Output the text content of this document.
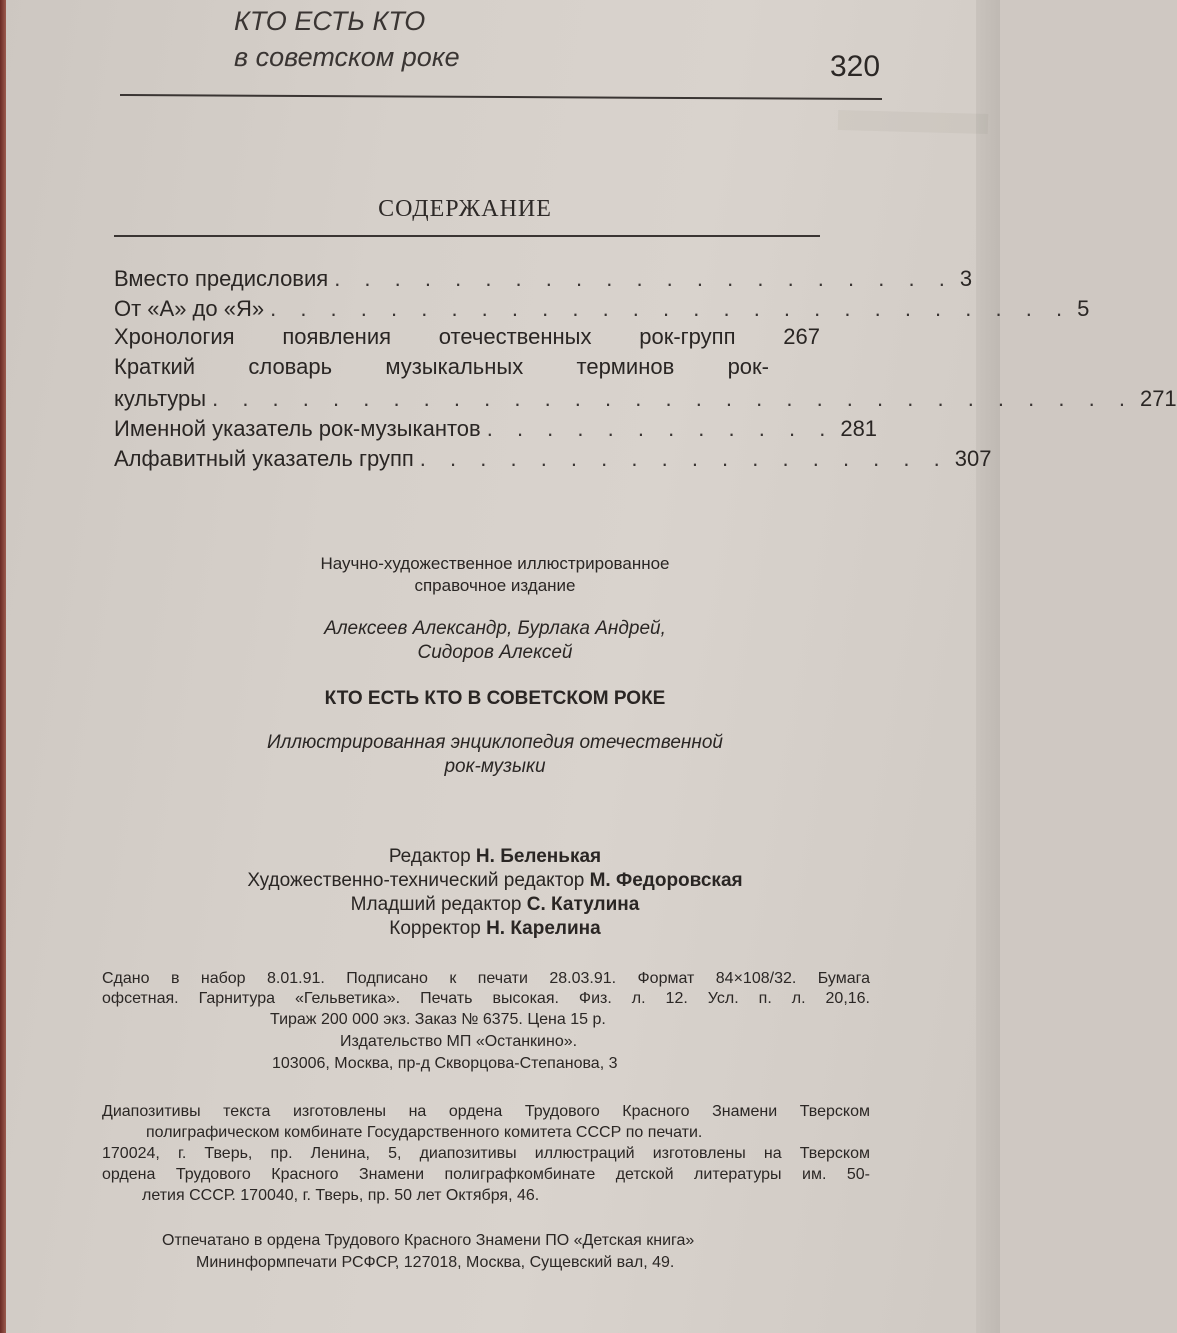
КТО ЕСТЬ КТО
в советском роке	320
СОДЕРЖАНИЕ
Вместо предисловия . . . . . . . . . . . . . . . . . . . . . 3
От «А» до «Я» . . . . . . . . . . . . . . . . . . . . . . . . . . . 5
Хронология появления отечественных рок-групп 267
Краткий словарь музыкальных терминов рок-
культуры . . . . . . . . . . . . . . . . . . . . . . . . . . . . . . . 271
Именной указатель рок-музыкантов . . . . . . . . . . . . 281
Алфавитный указатель групп . . . . . . . . . . . . . . . . . . 307
Научно-художественное иллюстрированное
справочное издание
Алексеев Александр, Бурлака Андрей,
Сидоров Алексей
КТО ЕСТЬ КТО В СОВЕТСКОМ РОКЕ
Иллюстрированная энциклопедия отечественной
рок-музыки
Редактор Н. Беленькая
Художественно-технический редактор М. Федоровская
Младший редактор С. Катулина
Корректор Н. Карелина
Сдано в набор 8.01.91. Подписано к печати 28.03.91. Формат 84×108/32. Бумага
офсетная. Гарнитура «Гельветика». Печать высокая. Физ. л. 12. Усл. п. л. 20,16.
Тираж 200 000 экз. Заказ № 6375. Цена 15 р.
Издательство МП «Останкино».
103006, Москва, пр-д Скворцова-Степанова, 3
Диапозитивы текста изготовлены на ордена Трудового Красного Знамени Тверском
полиграфическом комбинате Государственного комитета СССР по печати.
170024, г. Тверь, пр. Ленина, 5, диапозитивы иллюстраций изготовлены на Тверском
ордена Трудового Красного Знамени полиграфкомбинате детской литературы им. 50-
летия СССР. 170040, г. Тверь, пр. 50 лет Октября, 46.
Отпечатано в ордена Трудового Красного Знамени ПО «Детская книга»
Мининформпечати РСФСР, 127018, Москва, Сущевский вал, 49.
